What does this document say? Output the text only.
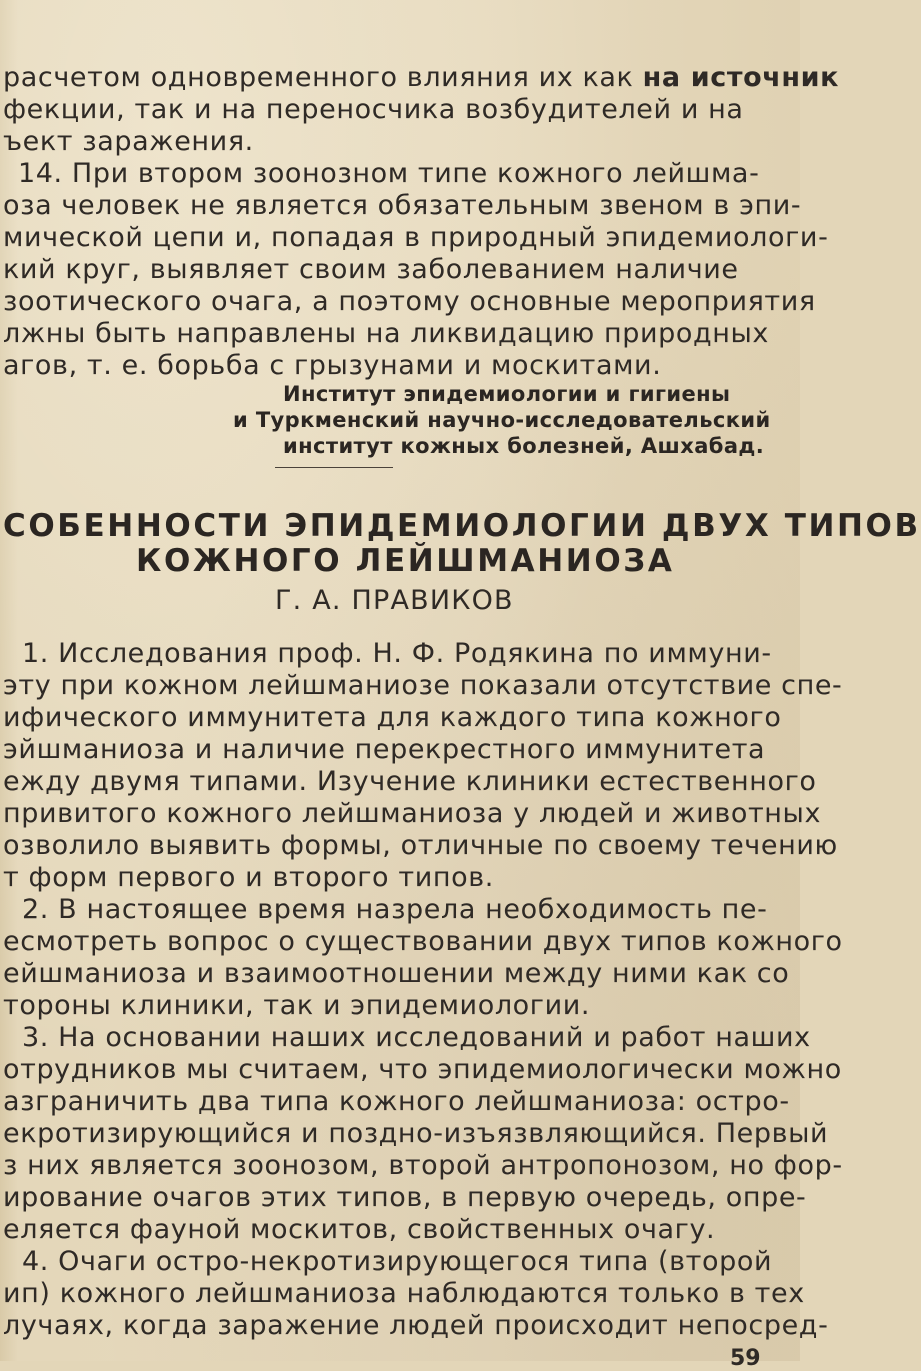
расчетом одновременного влияния их как на источник
фекции, так и на переносчика возбудителей и на
ъект заражения.
14. При втором зоонозном типе кожного лейшма-
оза человек не является обязательным звеном в эпи-
мической цепи и, попадая в природный эпидемиологи-
кий круг, выявляет своим заболеванием наличие
зоотического очага, а поэтому основные мероприятия
лжны быть направлены на ликвидацию природных
агов, т. е. борьба с грызунами и москитами.
Институт эпидемиологии и гигиены
и Туркменский научно-исследовательский
институт кожных болезней, Ашхабад.
СОБЕННОСТИ ЭПИДЕМИОЛОГИИ ДВУХ ТИПОВ
КОЖНОГО ЛЕЙШМАНИОЗА
Г. А. ПРАВИКОВ
1. Исследования проф. Н. Ф. Родякина по иммуни-
эту при кожном лейшманиозе показали отсутствие спе-
ифического иммунитета для каждого типа кожного
эйшманиоза и наличие перекрестного иммунитета
ежду двумя типами. Изучение клиники естественного
привитого кожного лейшманиоза у людей и животных
озволило выявить формы, отличные по своему течению
т форм первого и второго типов.
2. В настоящее время назрела необходимость пе-
есмотреть вопрос о существовании двух типов кожного
ейшманиоза и взаимоотношении между ними как со
тороны клиники, так и эпидемиологии.
3. На основании наших исследований и работ наших
отрудников мы считаем, что эпидемиологически можно
азграничить два типа кожного лейшманиоза: остро-
екротизирующийся и поздно-изъязвляющийся. Первый
з них является зоонозом, второй антропонозом, но фор-
ирование очагов этих типов, в первую очередь, опре-
еляется фауной москитов, свойственных очагу.
4. Очаги остро-некротизирующегося типа (второй
ип) кожного лейшманиоза наблюдаются только в тех
лучаях, когда заражение людей происходит непосред-
59
